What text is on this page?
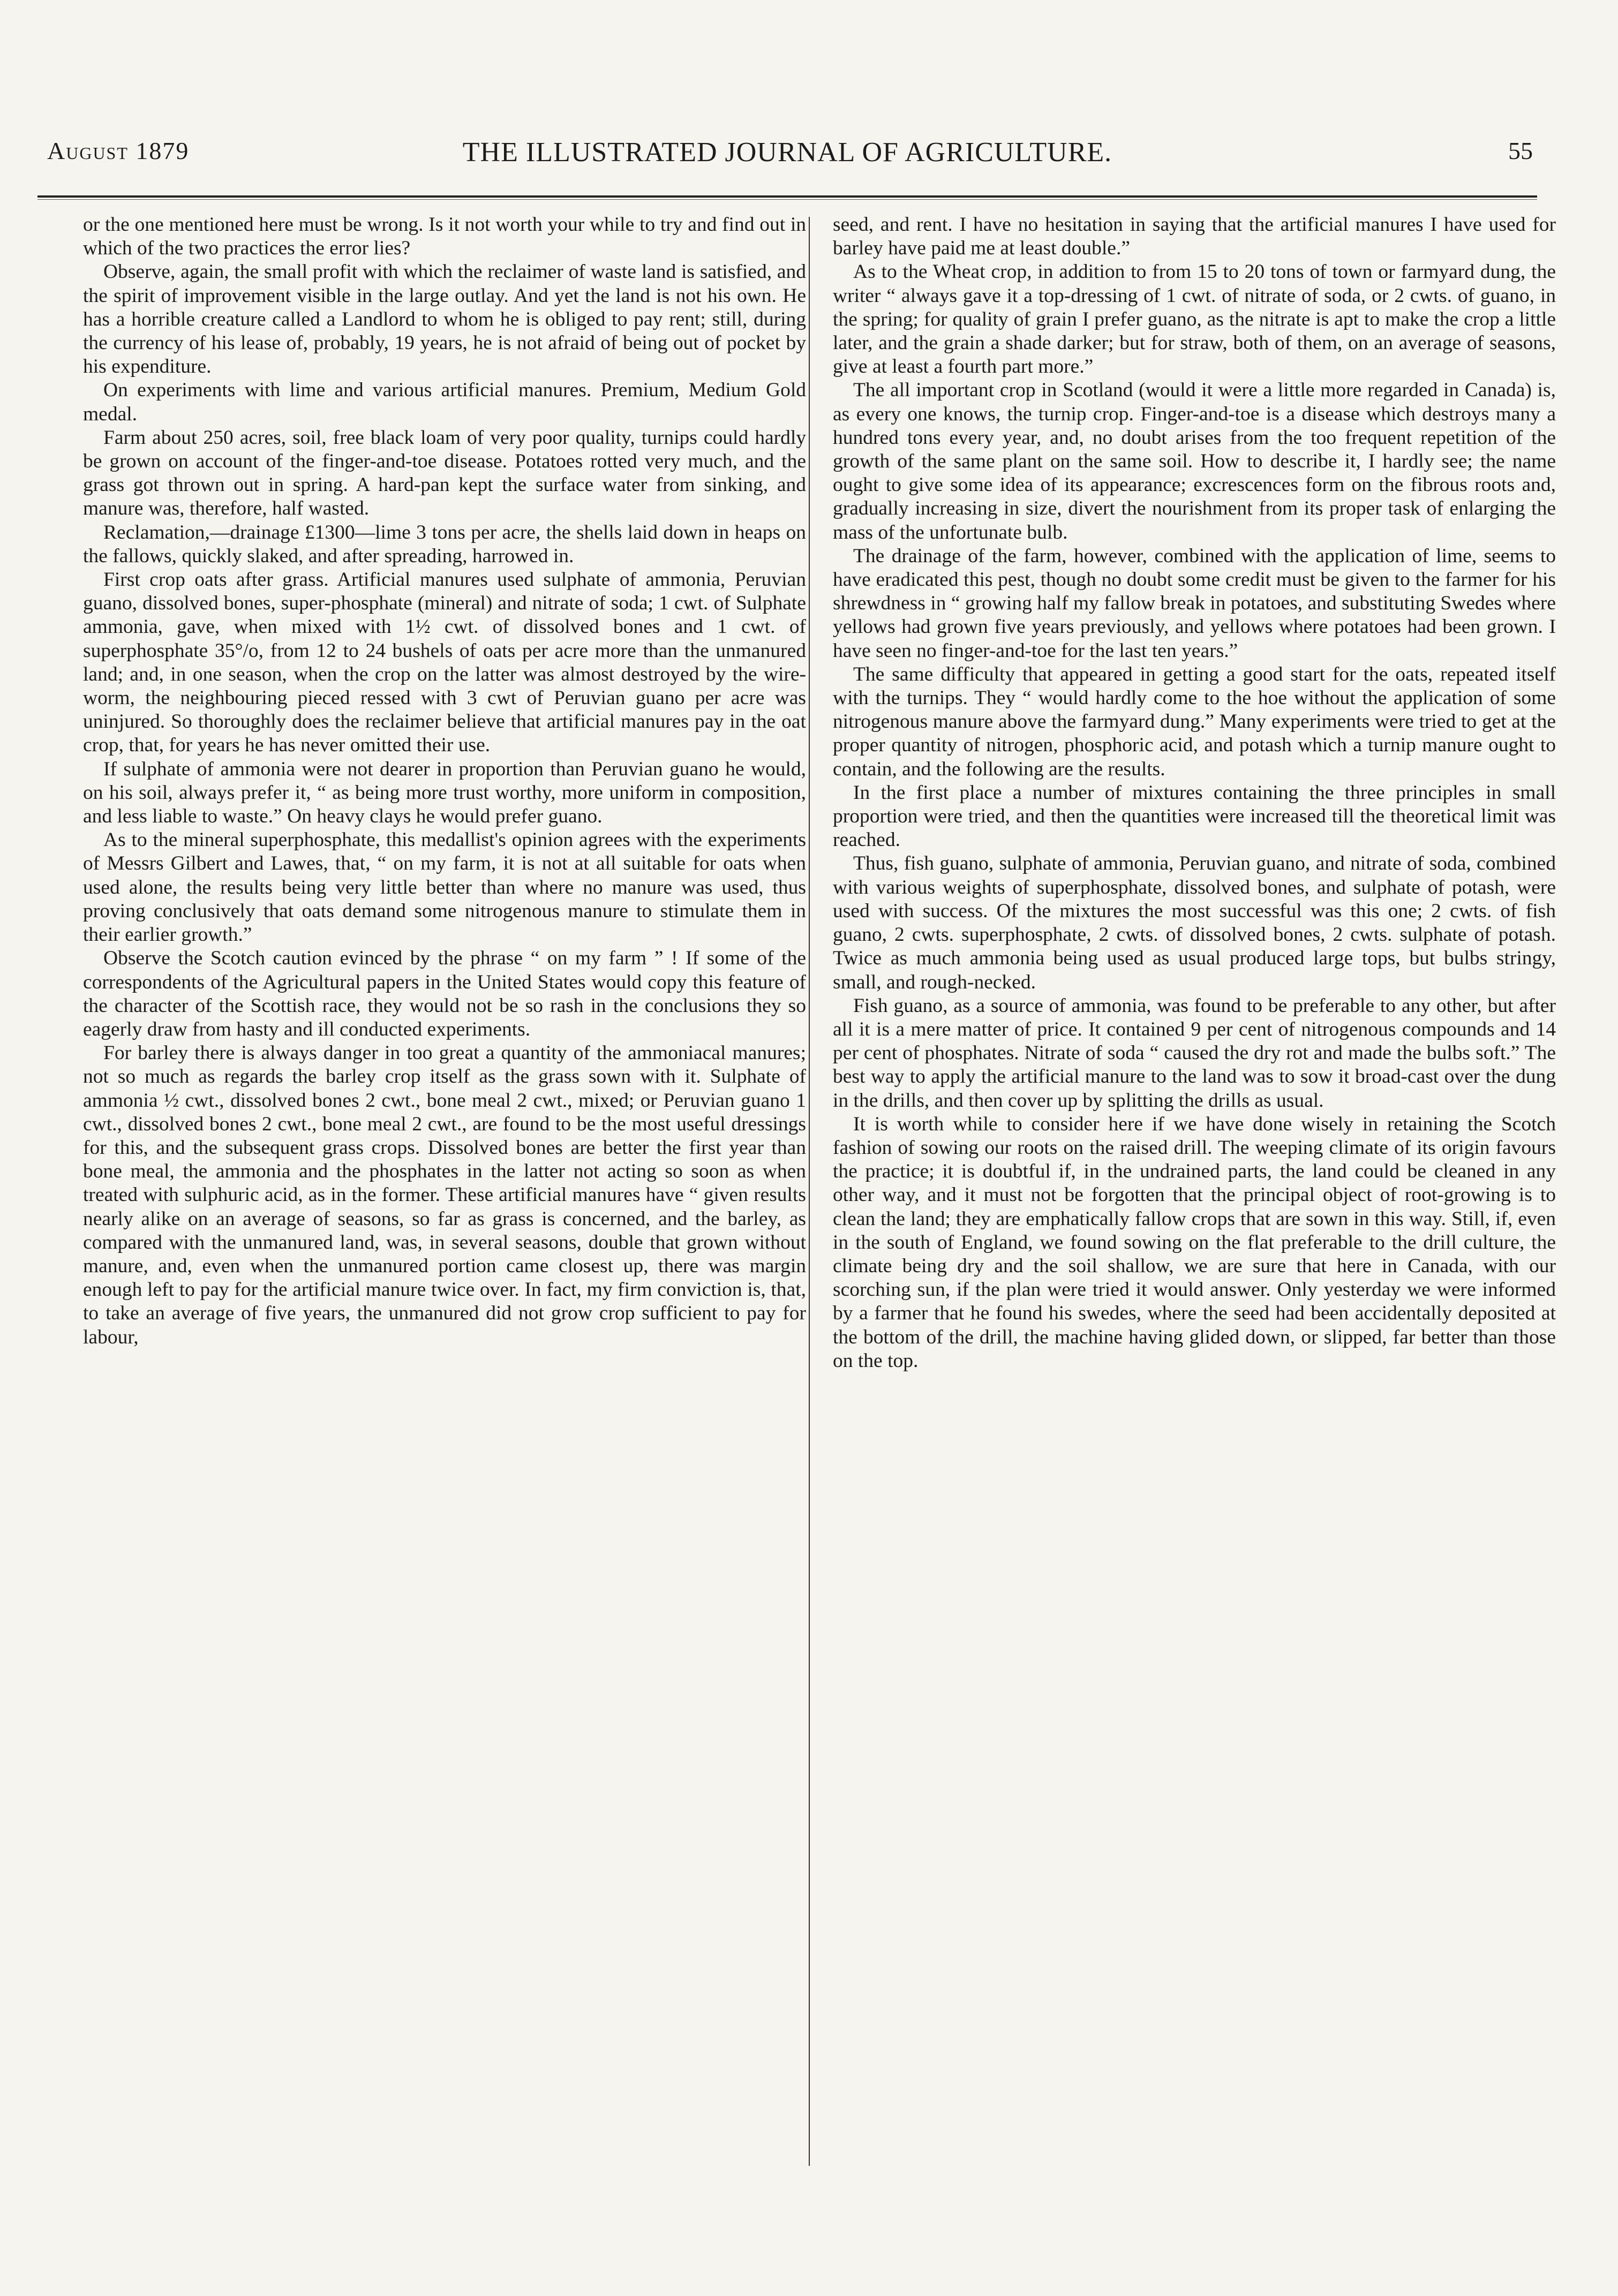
August 1879	THE ILLUSTRATED JOURNAL OF AGRICULTURE.	55

or the one mentioned here must be wrong. Is it not worth your while to try and find out in which of the two practices the error lies?

Observe, again, the small profit with which the reclaimer of waste land is satisfied, and the spirit of improvement visible in the large outlay. And yet the land is not his own. He has a horrible creature called a Landlord to whom he is obliged to pay rent; still, during the currency of his lease of, probably, 19 years, he is not afraid of being out of pocket by his expenditure.

On experiments with lime and various artificial manures. Premium, Medium Gold medal.

Farm about 250 acres, soil, free black loam of very poor quality, turnips could hardly be grown on account of the finger-and-toe disease. Potatoes rotted very much, and the grass got thrown out in spring. A hard-pan kept the surface water from sinking, and manure was, therefore, half wasted.

Reclamation,—drainage £1300—lime 3 tons per acre, the shells laid down in heaps on the fallows, quickly slaked, and after spreading, harrowed in.

First crop oats after grass. Artificial manures used sulphate of ammonia, Peruvian guano, dissolved bones, super-phosphate (mineral) and nitrate of soda; 1 cwt. of Sulphate ammonia, gave, when mixed with 1½ cwt. of dissolved bones and 1 cwt. of superphosphate 35°/o, from 12 to 24 bushels of oats per acre more than the unmanured land; and, in one season, when the crop on the latter was almost destroyed by the wire-worm, the neighbouring pieced ressed with 3 cwt of Peruvian guano per acre was uninjured. So thoroughly does the reclaimer believe that artificial manures pay in the oat crop, that, for years he has never omitted their use.

If sulphate of ammonia were not dearer in proportion than Peruvian guano he would, on his soil, always prefer it, “ as being more trust worthy, more uniform in composition, and less liable to waste.” On heavy clays he would prefer guano.

As to the mineral superphosphate, this medallist's opinion agrees with the experiments of Messrs Gilbert and Lawes, that, “ on my farm, it is not at all suitable for oats when used alone, the results being very little better than where no manure was used, thus proving conclusively that oats demand some nitrogenous manure to stimulate them in their earlier growth.”

Observe the Scotch caution evinced by the phrase “ on my farm ” ! If some of the correspondents of the Agricultural papers in the United States would copy this feature of the character of the Scottish race, they would not be so rash in the conclusions they so eagerly draw from hasty and ill conducted experiments.

For barley there is always danger in too great a quantity of the ammoniacal manures; not so much as regards the barley crop itself as the grass sown with it. Sulphate of ammonia ½ cwt., dissolved bones 2 cwt., bone meal 2 cwt., mixed; or Peruvian guano 1 cwt., dissolved bones 2 cwt., bone meal 2 cwt., are found to be the most useful dressings for this, and the subsequent grass crops. Dissolved bones are better the first year than bone meal, the ammonia and the phosphates in the latter not acting so soon as when treated with sulphuric acid, as in the former. These artificial manures have “ given results nearly alike on an average of seasons, so far as grass is concerned, and the barley, as compared with the unmanured land, was, in several seasons, double that grown without manure, and, even when the unmanured portion came closest up, there was margin enough left to pay for the artificial manure twice over. In fact, my firm conviction is, that, to take an average of five years, the unmanured did not grow crop sufficient to pay for labour,

seed, and rent. I have no hesitation in saying that the artificial manures I have used for barley have paid me at least double.”

As to the Wheat crop, in addition to from 15 to 20 tons of town or farmyard dung, the writer “ always gave it a top-dressing of 1 cwt. of nitrate of soda, or 2 cwts. of guano, in the spring; for quality of grain I prefer guano, as the nitrate is apt to make the crop a little later, and the grain a shade darker; but for straw, both of them, on an average of seasons, give at least a fourth part more.”

The all important crop in Scotland (would it were a little more regarded in Canada) is, as every one knows, the turnip crop. Finger-and-toe is a disease which destroys many a hundred tons every year, and, no doubt arises from the too frequent repetition of the growth of the same plant on the same soil. How to describe it, I hardly see; the name ought to give some idea of its appearance; excrescences form on the fibrous roots and, gradually increasing in size, divert the nourishment from its proper task of enlarging the mass of the unfortunate bulb.

The drainage of the farm, however, combined with the application of lime, seems to have eradicated this pest, though no doubt some credit must be given to the farmer for his shrewdness in “ growing half my fallow break in potatoes, and substituting Swedes where yellows had grown five years previously, and yellows where potatoes had been grown. I have seen no finger-and-toe for the last ten years.”

The same difficulty that appeared in getting a good start for the oats, repeated itself with the turnips. They “ would hardly come to the hoe without the application of some nitrogenous manure above the farmyard dung.” Many experiments were tried to get at the proper quantity of nitrogen, phosphoric acid, and potash which a turnip manure ought to contain, and the following are the results.

In the first place a number of mixtures containing the three principles in small proportion were tried, and then the quantities were increased till the theoretical limit was reached.

Thus, fish guano, sulphate of ammonia, Peruvian guano, and nitrate of soda, combined with various weights of superphosphate, dissolved bones, and sulphate of potash, were used with success. Of the mixtures the most successful was this one; 2 cwts. of fish guano, 2 cwts. superphosphate, 2 cwts. of dissolved bones, 2 cwts. sulphate of potash. Twice as much ammonia being used as usual produced large tops, but bulbs stringy, small, and rough-necked.

Fish guano, as a source of ammonia, was found to be preferable to any other, but after all it is a mere matter of price. It contained 9 per cent of nitrogenous compounds and 14 per cent of phosphates. Nitrate of soda “ caused the dry rot and made the bulbs soft.” The best way to apply the artificial manure to the land was to sow it broad-cast over the dung in the drills, and then cover up by splitting the drills as usual.

It is worth while to consider here if we have done wisely in retaining the Scotch fashion of sowing our roots on the raised drill. The weeping climate of its origin favours the practice; it is doubtful if, in the undrained parts, the land could be cleaned in any other way, and it must not be forgotten that the principal object of root-growing is to clean the land; they are emphatically fallow crops that are sown in this way. Still, if, even in the south of England, we found sowing on the flat preferable to the drill culture, the climate being dry and the soil shallow, we are sure that here in Canada, with our scorching sun, if the plan were tried it would answer. Only yesterday we were informed by a farmer that he found his swedes, where the seed had been accidentally deposited at the bottom of the drill, the machine having glided down, or slipped, far better than those on the top.
